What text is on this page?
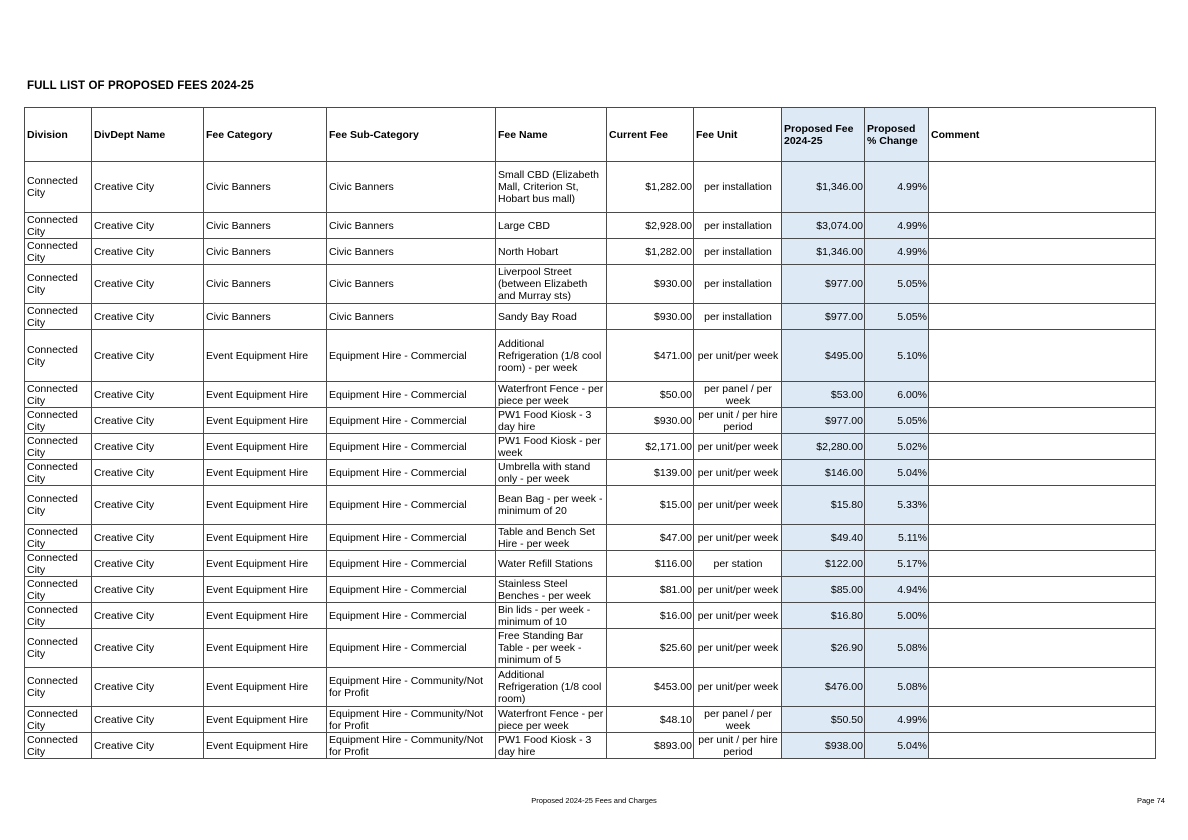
FULL LIST OF PROPOSED FEES 2024-25
Division	DivDept Name	Fee Category	Fee Sub-Category	Fee Name	Current Fee	Fee Unit	Proposed Fee 2024-25	Proposed % Change	Comment
Connected City	Creative City	Civic Banners	Civic Banners	Small CBD (Elizabeth Mall, Criterion St, Hobart bus mall)	$1,282.00	per installation	$1,346.00	4.99%	
Connected City	Creative City	Civic Banners	Civic Banners	Large CBD	$2,928.00	per installation	$3,074.00	4.99%	
Connected City	Creative City	Civic Banners	Civic Banners	North Hobart	$1,282.00	per installation	$1,346.00	4.99%	
Connected City	Creative City	Civic Banners	Civic Banners	Liverpool Street (between Elizabeth and Murray sts)	$930.00	per installation	$977.00	5.05%	
Connected City	Creative City	Civic Banners	Civic Banners	Sandy Bay Road	$930.00	per installation	$977.00	5.05%	
Connected City	Creative City	Event Equipment Hire	Equipment Hire - Commercial	Additional Refrigeration (1/8 cool room) - per week	$471.00	per unit/per week	$495.00	5.10%	
Connected City	Creative City	Event Equipment Hire	Equipment Hire - Commercial	Waterfront Fence - per piece per week	$50.00	per panel / per week	$53.00	6.00%	
Connected City	Creative City	Event Equipment Hire	Equipment Hire - Commercial	PW1 Food Kiosk - 3 day hire	$930.00	per unit / per hire period	$977.00	5.05%	
Connected City	Creative City	Event Equipment Hire	Equipment Hire - Commercial	PW1 Food Kiosk - per week	$2,171.00	per unit/per week	$2,280.00	5.02%	
Connected City	Creative City	Event Equipment Hire	Equipment Hire - Commercial	Umbrella with stand only - per week	$139.00	per unit/per week	$146.00	5.04%	
Connected City	Creative City	Event Equipment Hire	Equipment Hire - Commercial	Bean Bag - per week - minimum of 20	$15.00	per unit/per week	$15.80	5.33%	
Connected City	Creative City	Event Equipment Hire	Equipment Hire - Commercial	Table and Bench Set Hire - per week	$47.00	per unit/per week	$49.40	5.11%	
Connected City	Creative City	Event Equipment Hire	Equipment Hire - Commercial	Water Refill Stations	$116.00	per station	$122.00	5.17%	
Connected City	Creative City	Event Equipment Hire	Equipment Hire - Commercial	Stainless Steel Benches - per week	$81.00	per unit/per week	$85.00	4.94%	
Connected City	Creative City	Event Equipment Hire	Equipment Hire - Commercial	Bin lids - per week - minimum of 10	$16.00	per unit/per week	$16.80	5.00%	
Connected City	Creative City	Event Equipment Hire	Equipment Hire - Commercial	Free Standing Bar Table - per week - minimum of 5	$25.60	per unit/per week	$26.90	5.08%	
Connected City	Creative City	Event Equipment Hire	Equipment Hire - Community/Not for Profit	Additional Refrigeration (1/8 cool room)	$453.00	per unit/per week	$476.00	5.08%	
Connected City	Creative City	Event Equipment Hire	Equipment Hire - Community/Not for Profit	Waterfront Fence - per piece per week	$48.10	per panel / per week	$50.50	4.99%	
Connected City	Creative City	Event Equipment Hire	Equipment Hire - Community/Not for Profit	PW1 Food Kiosk - 3 day hire	$893.00	per unit / per hire period	$938.00	5.04%	
Proposed 2024-25 Fees and Charges	Page 74
